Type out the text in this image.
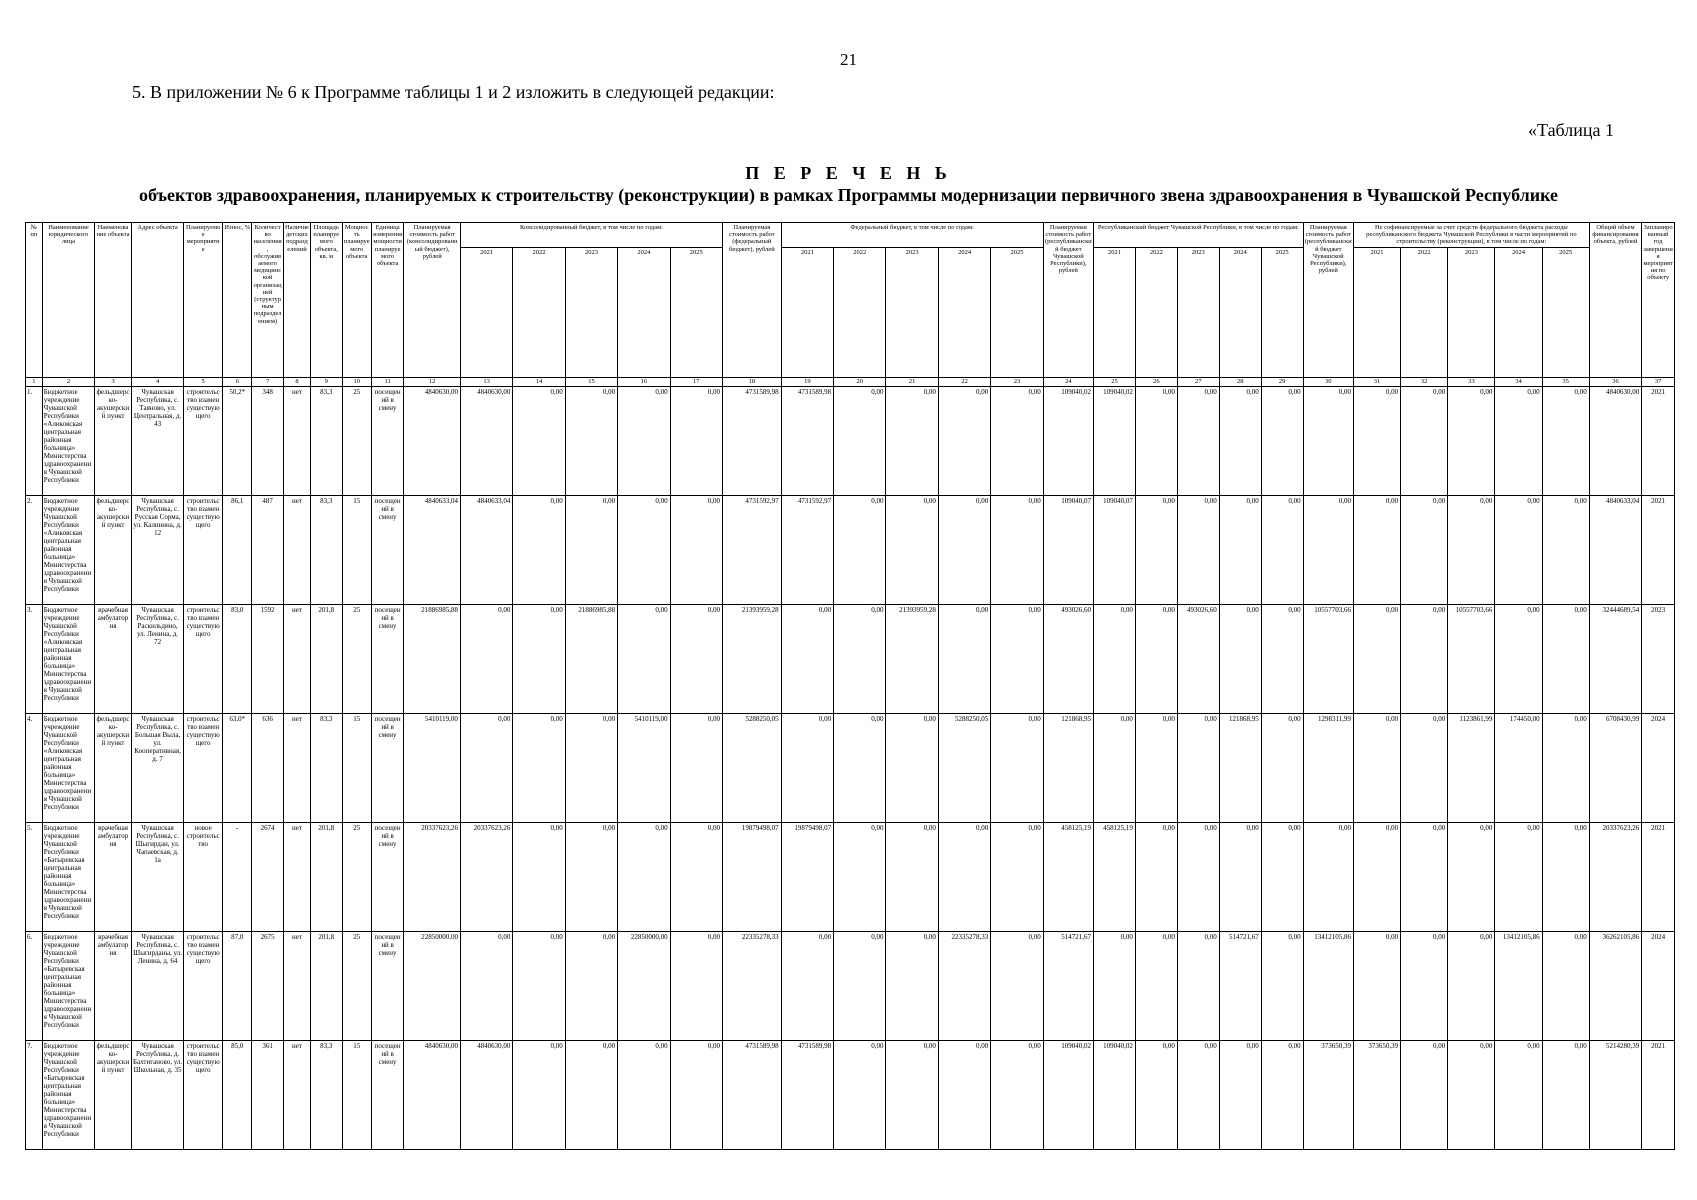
21
5. В приложении № 6 к Программе таблицы 1 и 2 изложить в следующей редакции:
«Таблица 1
П Е Р Е Ч Е Н Ь
объектов здравоохранения, планируемых к строительству (реконструкции) в рамках Программы модернизации первичного звена здравоохранения в Чувашской Республике
№ пп	Наименование юридического лица	Наименование объекта	Адрес объекта	Планируемое мероприятие	Износ, %	Количество населения, обслуживаемого медицинской организацией (структурным подразделением)	Наличие детских подразделений	Площадь планируемого объекта, кв. м	Мощность планируемого объекта	Единица измерения мощности планируемого объекта	Планируемая стоимость работ (консолидированный бюджет), рублей	Консолидированный бюджет, в том числе по годам:					Планируемая стоимость работ (федеральный бюджет), рублей	Федеральный бюджет, в том числе по годам:					Планируемая стоимость работ (республиканский бюджет Чувашской Республики), рублей	Республиканский бюджет Чувашской Республики, в том числе по годам:					Планируемая стоимость работ (республиканский бюджет Чувашской Республики), рублей	Не софинансируемые за счет средств федерального бюджета расходы республиканского бюджета Чувашской Республики в части мероприятий по строительству (реконструкции), в том числе по годам:					Общий объем финансирования объекта, рублей	Запланированный год завершения мероприятия по объекту
												2021	2022	2023	2024	2025		2021	2022	2023	2024	2025		2021	2022	2023	2024	2025		2021	2022	2023	2024	2025		
1	2	3	4	5	6	7	8	9	10	11	12	13	14	15	16	17	18	19	20	21	22	23	24	25	26	27	28	29	30	31	32	33	34	35	36	37
1.	Бюджетное учреждение Чувашской Республики «Аликовская центральная районная больница» Министерства здравоохранения Чувашской Республики	фельдшерско-акушерский пункт	Чувашская Республика, с. Таяново, ул. Центральная, д. 43	строительство взамен существующего	50,2*	348	нет	83,3	25	посещений в смену	4840630,00	4840630,00	0,00	0,00	0,00	0,00	4731589,98	4731589,98	0,00	0,00	0,00	0,00	109040,02	109040,02	0,00	0,00	0,00	0,00	0,00	0,00	0,00	0,00	0,00	0,00	4840630,00	2021
2.	Бюджетное учреждение Чувашской Республики «Аликовская центральная районная больница» Министерства здравоохранения Чувашской Республики	фельдшерско-акушерский пункт	Чувашская Республика, с. Русская Сорма, ул. Калинина, д. 12	строительство взамен существующего	86,1	487	нет	83,3	15	посещений в смену	4840633,04	4840633,04	0,00	0,00	0,00	0,00	4731592,97	4731592,97	0,00	0,00	0,00	0,00	109040,07	109040,07	0,00	0,00	0,00	0,00	0,00	0,00	0,00	0,00	0,00	0,00	4840633,04	2021
3.	Бюджетное учреждение Чувашской Республики «Аликовская центральная районная больница» Министерства здравоохранения Чувашской Республики	врачебная амбулатория	Чувашская Республика, с. Раскильдино, ул. Ленина, д. 72	строительство взамен существующего	83,0	1592	нет	201,8	25	посещений в смену	21886985,88	0,00	0,00	21886985,88	0,00	0,00	21393959,28	0,00	0,00	21393959,28	0,00	0,00	493026,60	0,00	0,00	493026,60	0,00	0,00	10557703,66	0,00	0,00	10557703,66	0,00	0,00	32444689,54	2023
4.	Бюджетное учреждение Чувашской Республики «Аликовская центральная районная больница» Министерства здравоохранения Чувашской Республики	фельдшерско-акушерский пункт	Чувашская Республика, с. Большая Выла, ул. Кооперативная, д. 7	строительство взамен существующего	63,0*	636	нет	83,3	15	посещений в смену	5410119,00	0,00	0,00	0,00	5410119,00	0,00	5288250,05	0,00	0,00	0,00	5288250,05	0,00	121868,95	0,00	0,00	0,00	121868,95	0,00	1298311,99	0,00	0,00	1123861,99	174450,00	0,00	6708430,99	2024
5.	Бюджетное учреждение Чувашской Республики «Батыревская центральная районная больница» Министерства здравоохранения Чувашской Республики	врачебная амбулатория	Чувашская Республика, с. Шыгирдан, ул. Чапаевская, д. 1а	новое строительство	-	2674	нет	201,8	25	посещений в смену	20337623,26	20337623,26	0,00	0,00	0,00	0,00	19879498,07	19879498,07	0,00	0,00	0,00	0,00	458125,19	458125,19	0,00	0,00	0,00	0,00	0,00	0,00	0,00	0,00	0,00	0,00	20337623,26	2021
6.	Бюджетное учреждение Чувашской Республики «Батыревская центральная районная больница» Министерства здравоохранения Чувашской Республики	врачебная амбулатория	Чувашская Республика, с. Шыгирданы, ул. Ленина, д. 64	строительство взамен существующего	87,0	2675	нет	201,8	25	посещений в смену	22850000,00	0,00	0,00	0,00	22850000,00	0,00	22335278,33	0,00	0,00	0,00	22335278,33	0,00	514721,67	0,00	0,00	0,00	514721,67	0,00	13412105,86	0,00	0,00	0,00	13412105,86	0,00	36262105,86	2024
7.	Бюджетное учреждение Чувашской Республики «Батыревская центральная районная больница» Министерства здравоохранения Чувашской Республики	фельдшерско-акушерский пункт	Чувашская Республика, д. Бахтиганово, ул. Школьная, д. 35	строительство взамен существующего	85,0	361	нет	83,3	15	посещений в смену	4840630,00	4840630,00	0,00	0,00	0,00	0,00	4731589,98	4731589,98	0,00	0,00	0,00	0,00	109040,02	109040,02	0,00	0,00	0,00	0,00	373650,39	373650,39	0,00	0,00	0,00	0,00	5214280,39	2021
